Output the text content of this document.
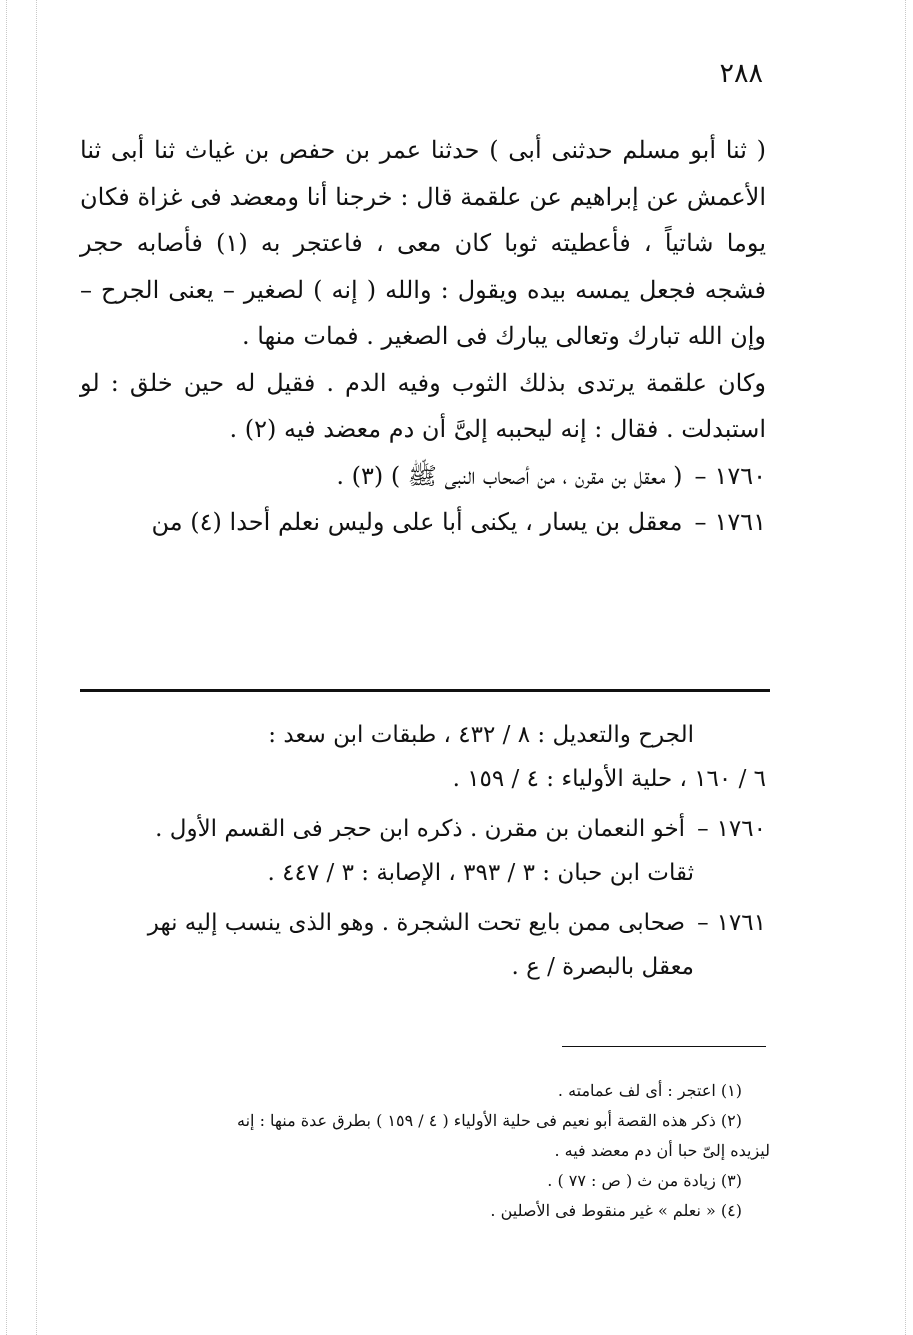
٢٨٨

( ثنا أبو مسلم حدثنى أبى ) حدثنا عمر بن حفص بن غياث ثنا أبى ثنا الأعمش عن إبراهيم عن علقمة قال : خرجنا أنا ومعضد فى غزاة فكان يوما شاتياً ، فأعطيته ثوبا كان معى ، فاعتجر به (١) فأصابه حجر فشجه فجعل يمسه بيده ويقول : والله ( إنه ) لصغير – يعنى الجرح – وإن الله تبارك وتعالى يبارك فى الصغير . فمات منها .

وكان علقمة يرتدى بذلك الثوب وفيه الدم . فقيل له حين خلق : لو استبدلت . فقال : إنه ليحببه إلىَّ أن دم معضد فيه (٢) .

١٧٦٠
–
( معقل بن مقرن ، من أصحاب النبى ﷺ ) (٣) .
١٧٦١
–
معقل بن يسار ، يكنى أبا على وليس نعلم أحدا (٤) من
الجرح والتعديل : ٨ / ٤٣٢ ، طبقات ابن سعد :
٦ / ١٦٠ ، حلية الأولياء : ٤ / ١٥٩ .
١٧٦٠
–
أخو النعمان بن مقرن . ذكره ابن حجر فى القسم الأول .
ثقات ابن حبان : ٣ / ٣٩٣ ، الإصابة : ٣ / ٤٤٧ .
١٧٦١
–
صحابى ممن بايع تحت الشجرة . وهو الذى ينسب إليه نهر
معقل بالبصرة / ع .
(١) اعتجر : أى لف عمامته .
(٢) ذكر هذه القصة أبو نعيم فى حلية الأولياء ( ٤ / ١٥٩ ) بطرق عدة منها : إنه
ليزيده إلىّ حبا أن دم معضد فيه .
(٣) زيادة من ث ( ص : ٧٧ ) .
(٤) « نعلم » غير منقوط فى الأصلين .
